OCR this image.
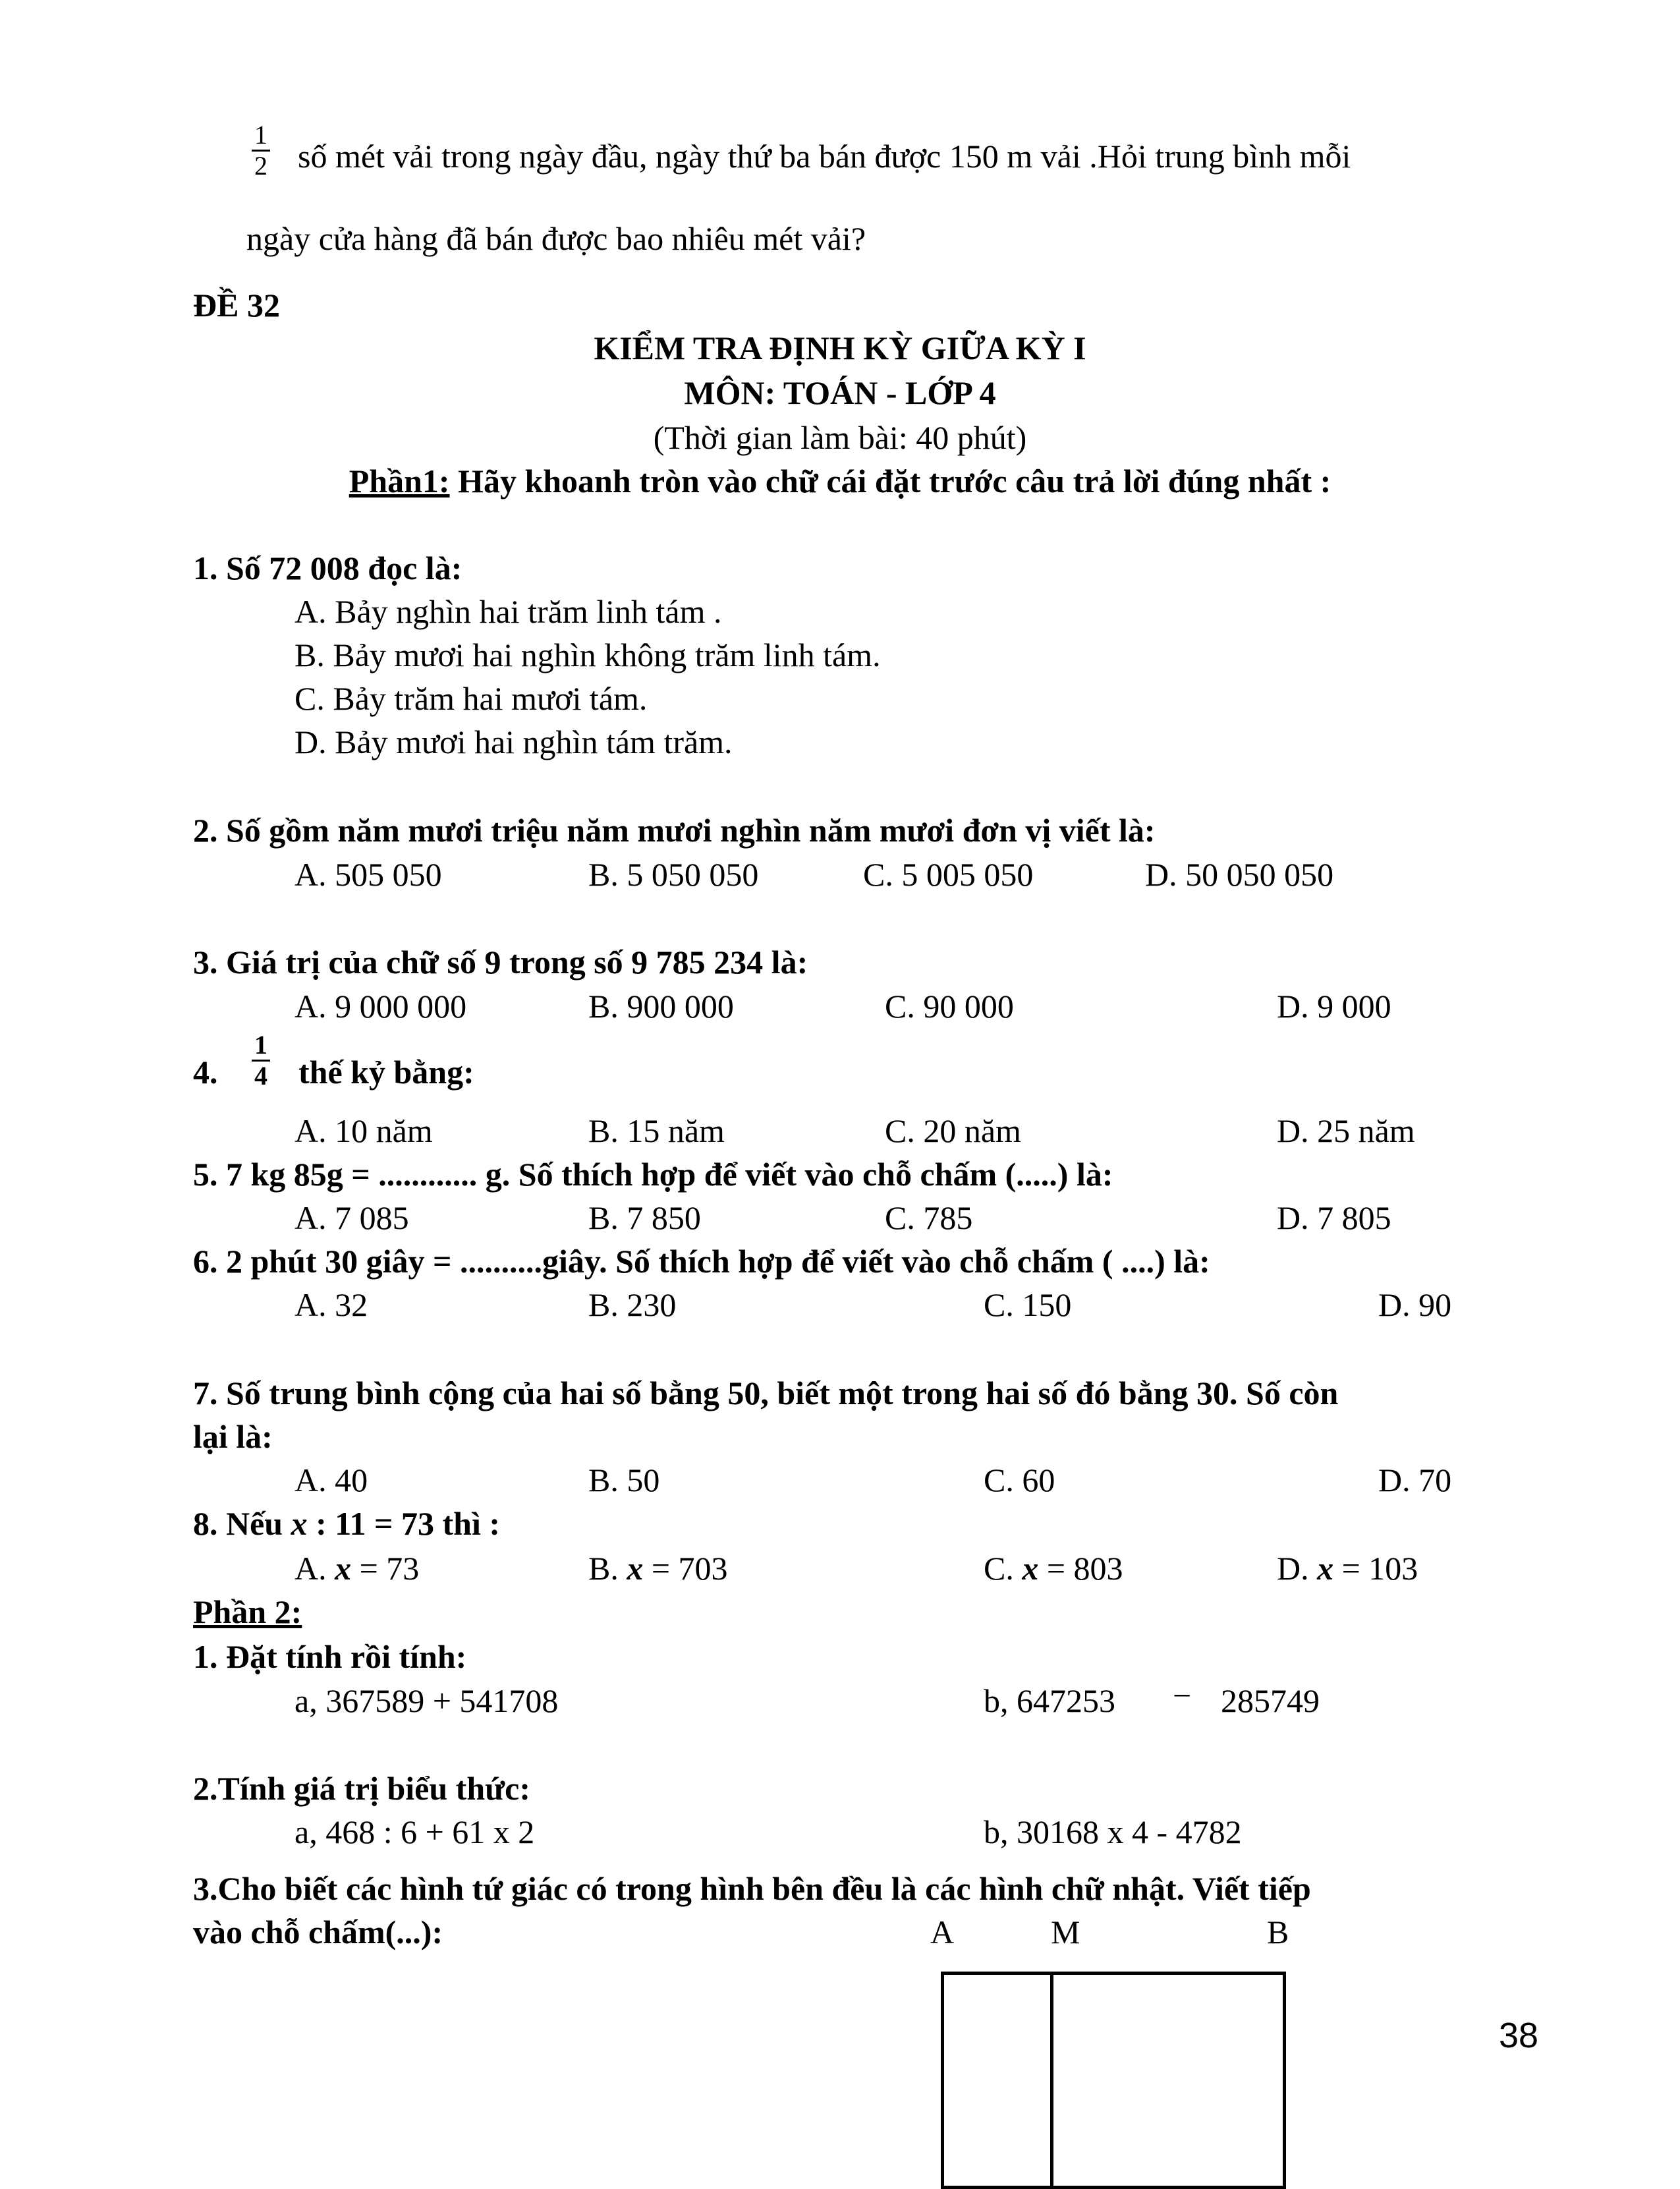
$\frac{1}{2}$ số mét vải trong ngày đầu, ngày thứ ba bán được 150 m vải .Hỏi trung bình mỗi
ngày cửa hàng đã bán được bao nhiêu mét vải?
ĐỀ 32
KIỂM TRA ĐỊNH KỲ GIỮA KỲ I
MÔN: TOÁN - LỚP 4
(Thời gian làm bài: 40 phút)
Phần1: Hãy khoanh tròn vào chữ cái đặt trước câu trả lời đúng nhất :
1. Số 72 008 đọc là:
A. Bảy nghìn hai trăm linh tám .
B. Bảy mươi hai nghìn không trăm linh tám.
C. Bảy trăm hai mươi tám.
D. Bảy mươi hai nghìn tám trăm.
2. Số gồm năm mươi triệu năm mươi nghìn năm mươi đơn vị viết là:
A. 505 050	B. 5 050 050	C. 5 005 050	D. 50 050 050
3. Giá trị của chữ số 9 trong số 9 785 234 là:
A. 9 000 000	B. 900 000	C. 90 000	D. 9 000
4. $\frac{1}{4}$ thế kỷ bằng:
A. 10 năm	B. 15 năm	C. 20 năm	D. 25 năm
5. 7 kg 85g = ............ g. Số thích hợp để viết vào chỗ chấm (.....) là:
A. 7 085	B. 7 850	C. 785	D. 7 805
6. 2 phút 30 giây = ..........giây. Số thích hợp để viết vào chỗ chấm ( ....) là:
A. 32	B. 230	C. 150	D. 90
7. Số trung bình cộng của hai số bằng 50, biết một trong hai số đó bằng 30. Số còn
lại là:
A. 40	B. 50	C. 60	D. 70
8. Nếu x : 11 = 73 thì :
A. x = 73	B. x = 703	C. x = 803	D. x = 103
Phần 2:
1. Đặt tính rồi tính:
a, 367589 + 541708	b, 647253 − 285749
2.Tính giá trị biểu thức:
a, 468 : 6 + 61 x 2	b, 30168 x 4 - 4782
3.Cho biết các hình tứ giác có trong hình bên đều là các hình chữ nhật. Viết tiếp
vào chỗ chấm(...):	A	M	B
38
